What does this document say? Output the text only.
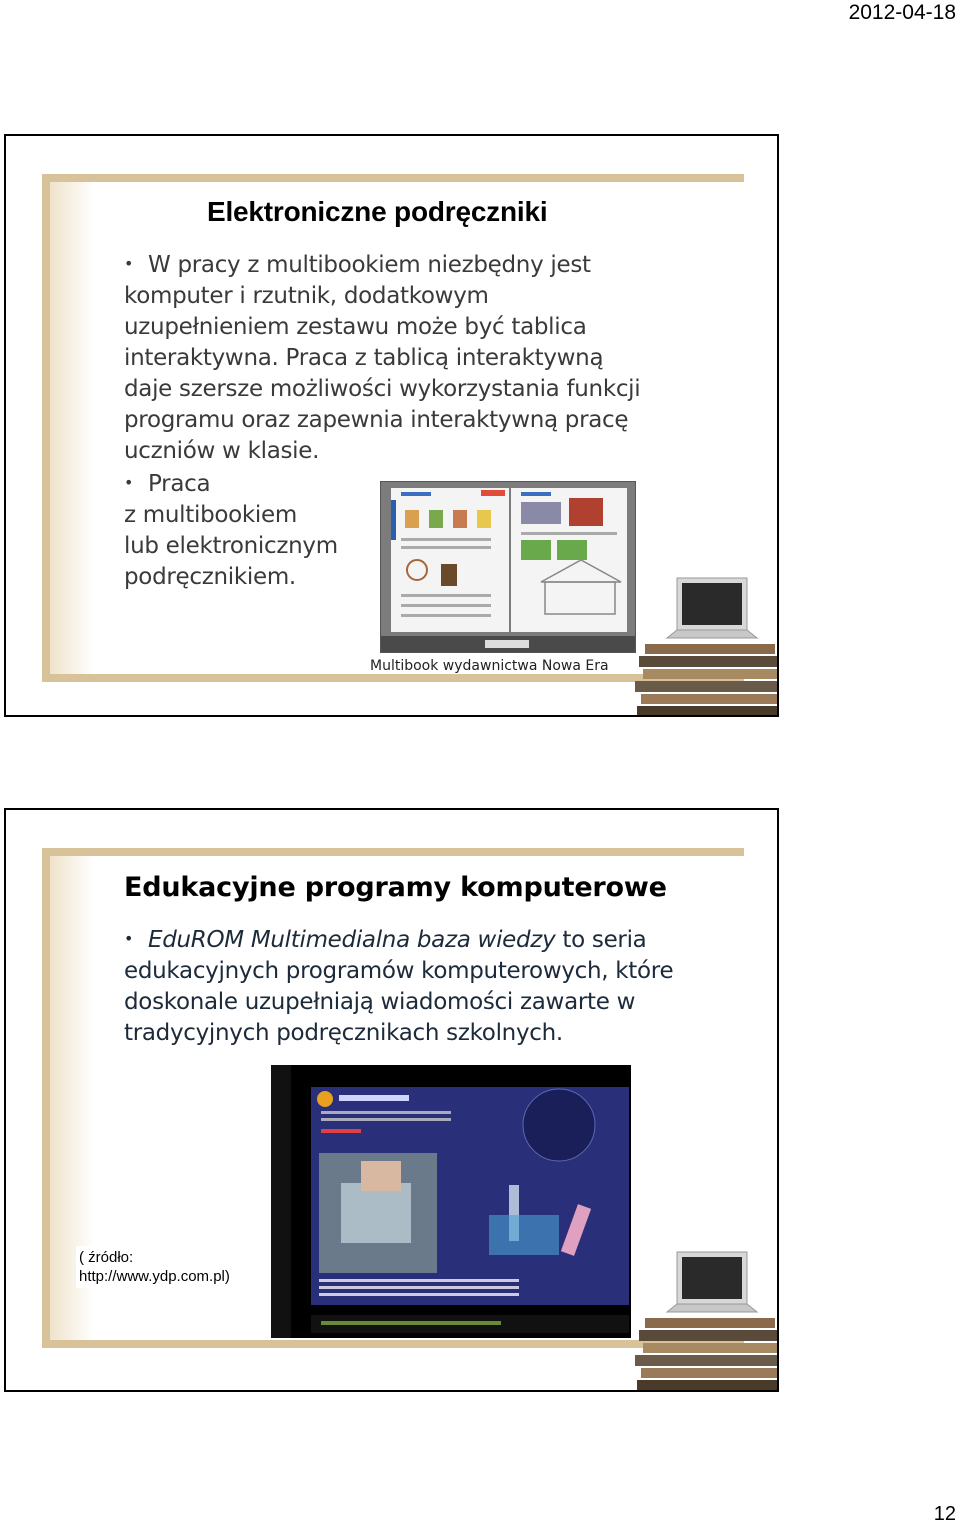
2012-04-18
Elektroniczne podręczniki

• W pracy z multibookiem niezbędny jest komputer i rzutnik, dodatkowym uzupełnieniem zestawu może być tablica interaktywna. Praca z tablicą interaktywną daje szersze możliwości wykorzystania funkcji programu oraz zapewnia interaktywną pracę uczniów w klasie.

• Praca
z multibookiem
lub elektronicznym
podręcznikiem.

Multibook wydawnictwa Nowa Era
Edukacyjne programy komputerowe

• EduROM Multimedialna baza wiedzy to seria edukacyjnych programów komputerowych, które doskonale uzupełniają wiadomości zawarte w tradycyjnych podręcznikach szkolnych.

( źródło:
http://www.ydp.com.pl)
12
